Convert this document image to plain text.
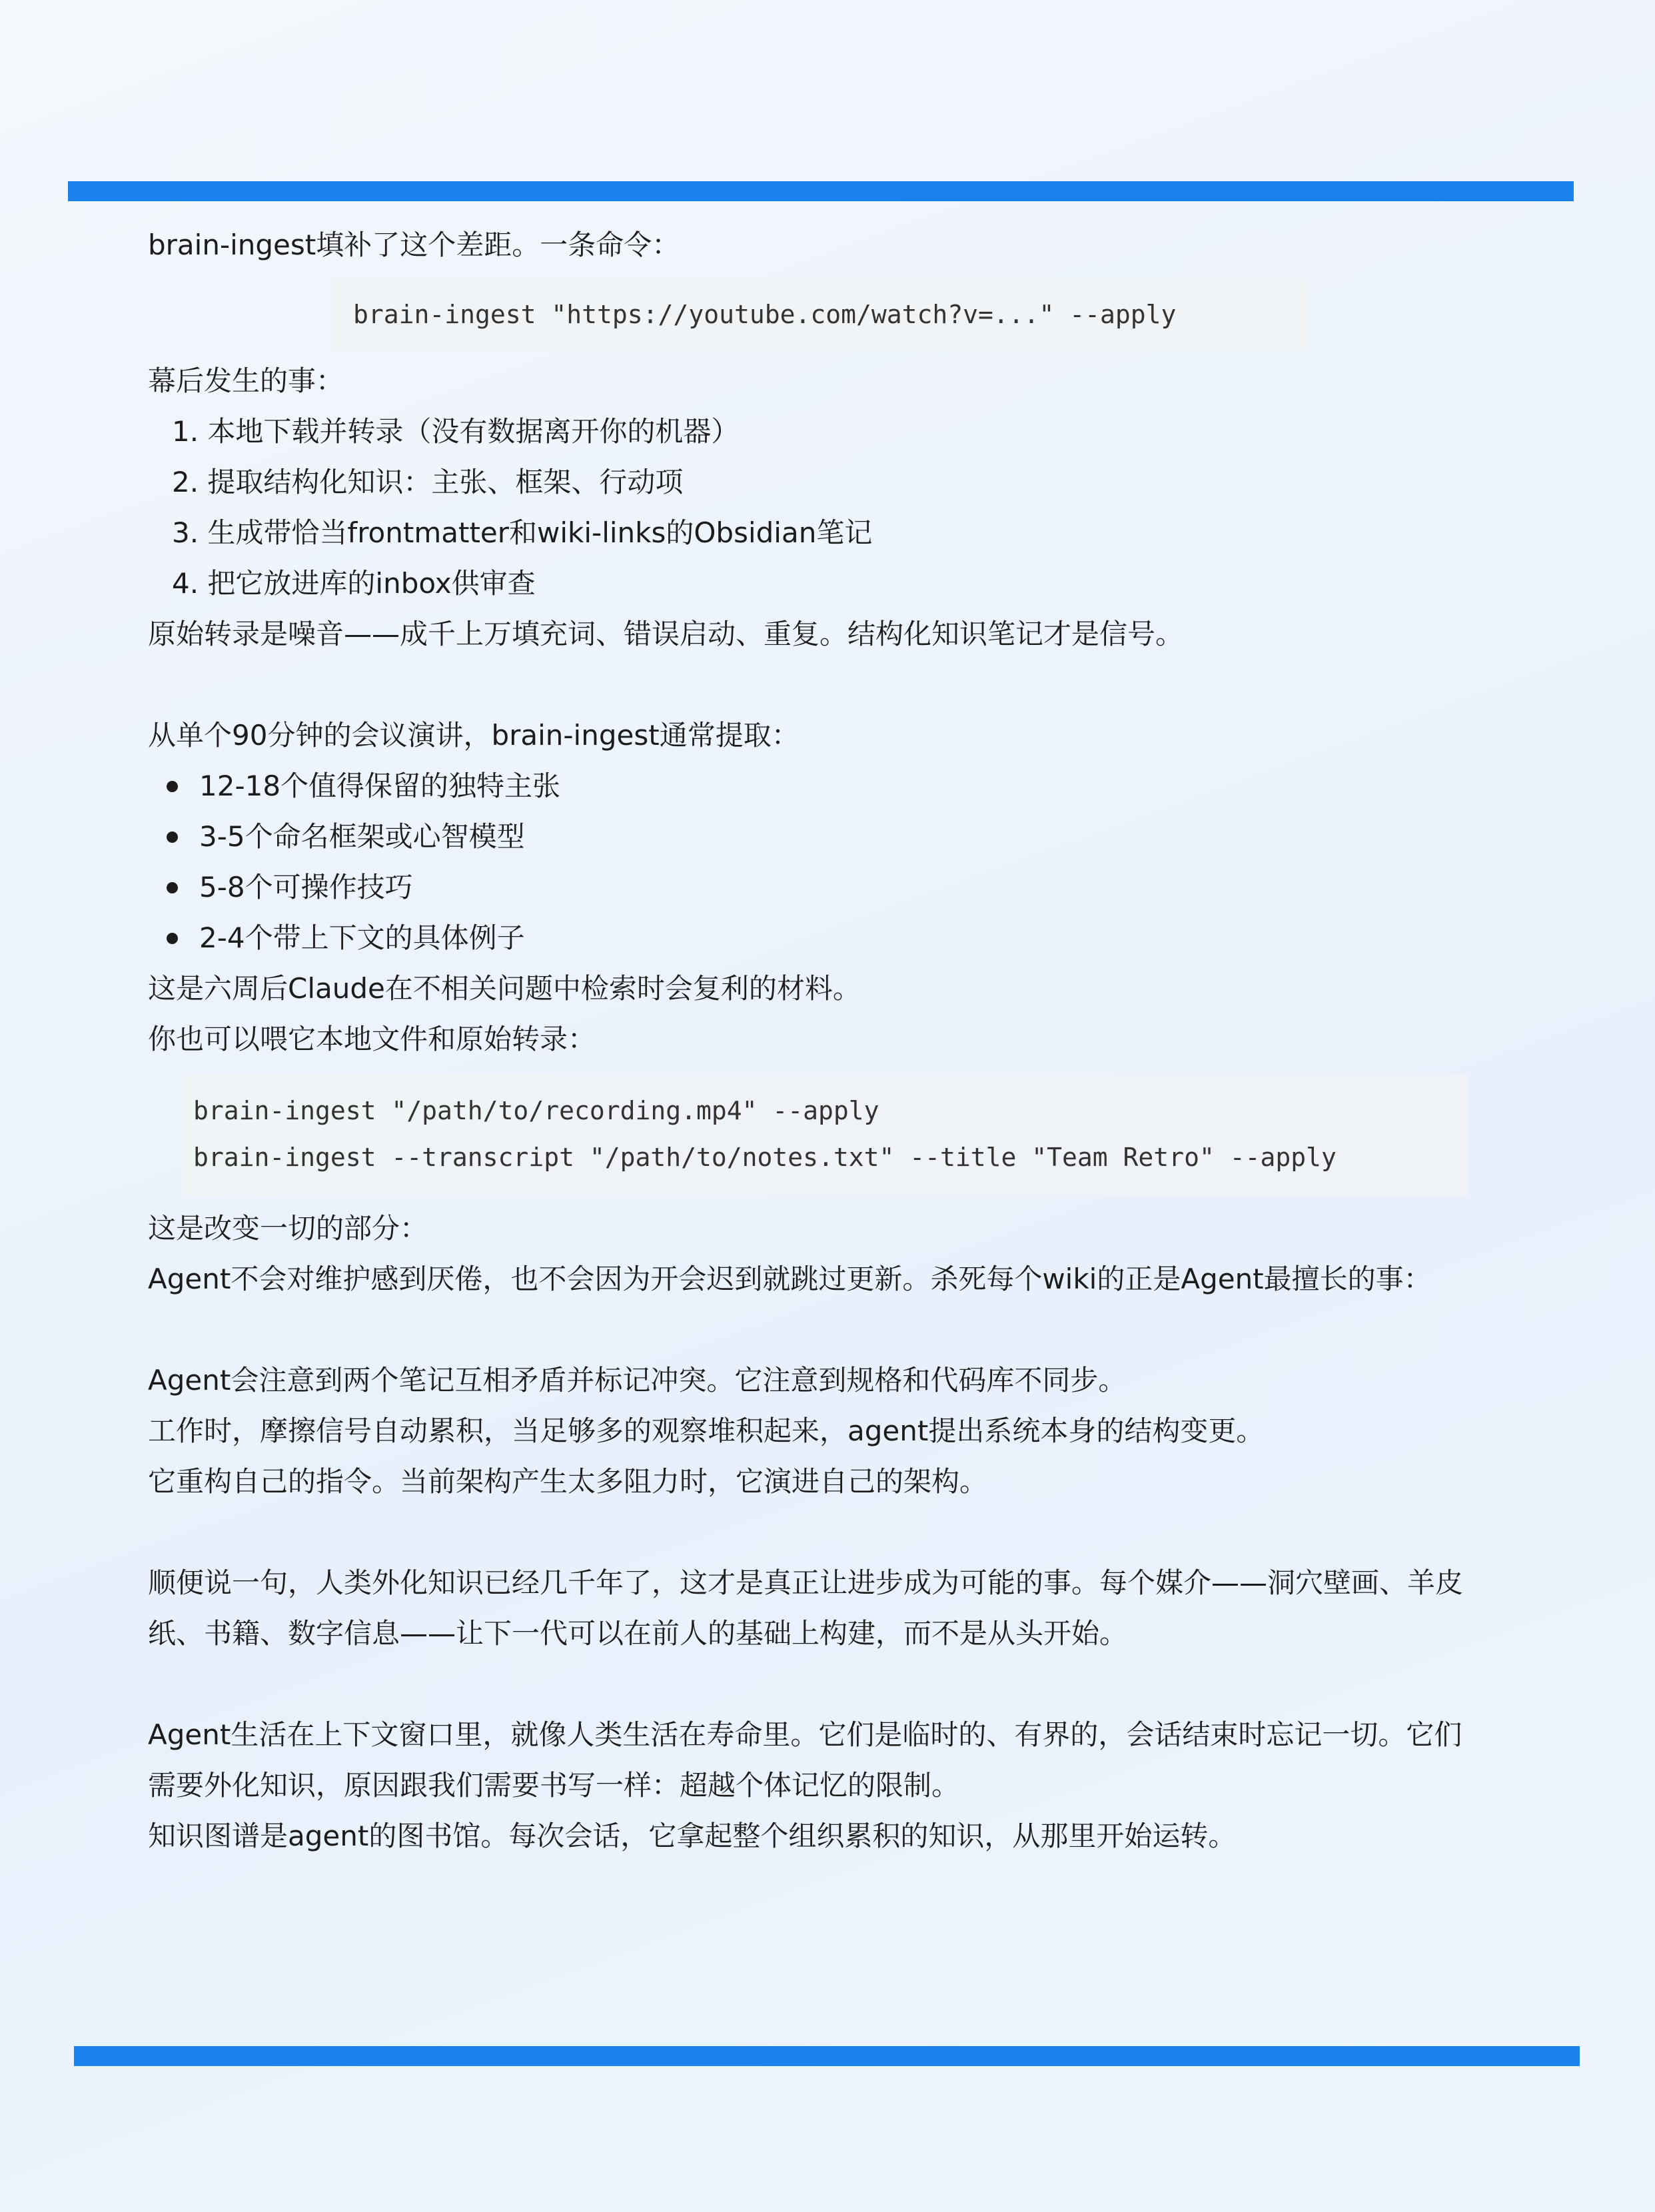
brain-ingest填补了这个差距。一条命令：

brain-ingest "https://youtube.com/watch?v=..." --apply

幕后发生的事：

1. 本地下载并转录（没有数据离开你的机器）

2. 提取结构化知识：主张、框架、行动项

3. 生成带恰当frontmatter和wiki-links的Obsidian笔记

4. 把它放进库的inbox供审查

原始转录是噪音——成千上万填充词、错误启动、重复。结构化知识笔记才是信号。

从单个90分钟的会议演讲，brain-ingest通常提取：

12-18个值得保留的独特主张

3-5个命名框架或心智模型

5-8个可操作技巧

2-4个带上下文的具体例子

这是六周后Claude在不相关问题中检索时会复利的材料。

你也可以喂它本地文件和原始转录：

brain-ingest "/path/to/recording.mp4" --apply

brain-ingest --transcript "/path/to/notes.txt" --title "Team Retro" --apply

这是改变一切的部分：

Agent不会对维护感到厌倦，也不会因为开会迟到就跳过更新。杀死每个wiki的正是Agent最擅长的事：

Agent会注意到两个笔记互相矛盾并标记冲突。它注意到规格和代码库不同步。

工作时，摩擦信号自动累积，当足够多的观察堆积起来，agent提出系统本身的结构变更。

它重构自己的指令。当前架构产生太多阻力时，它演进自己的架构。

顺便说一句，人类外化知识已经几千年了，这才是真正让进步成为可能的事。每个媒介——洞穴壁画、羊皮纸、书籍、数字信息——让下一代可以在前人的基础上构建，而不是从头开始。

Agent生活在上下文窗口里，就像人类生活在寿命里。它们是临时的、有界的，会话结束时忘记一切。它们需要外化知识，原因跟我们需要书写一样：超越个体记忆的限制。

知识图谱是agent的图书馆。每次会话，它拿起整个组织累积的知识，从那里开始运转。
